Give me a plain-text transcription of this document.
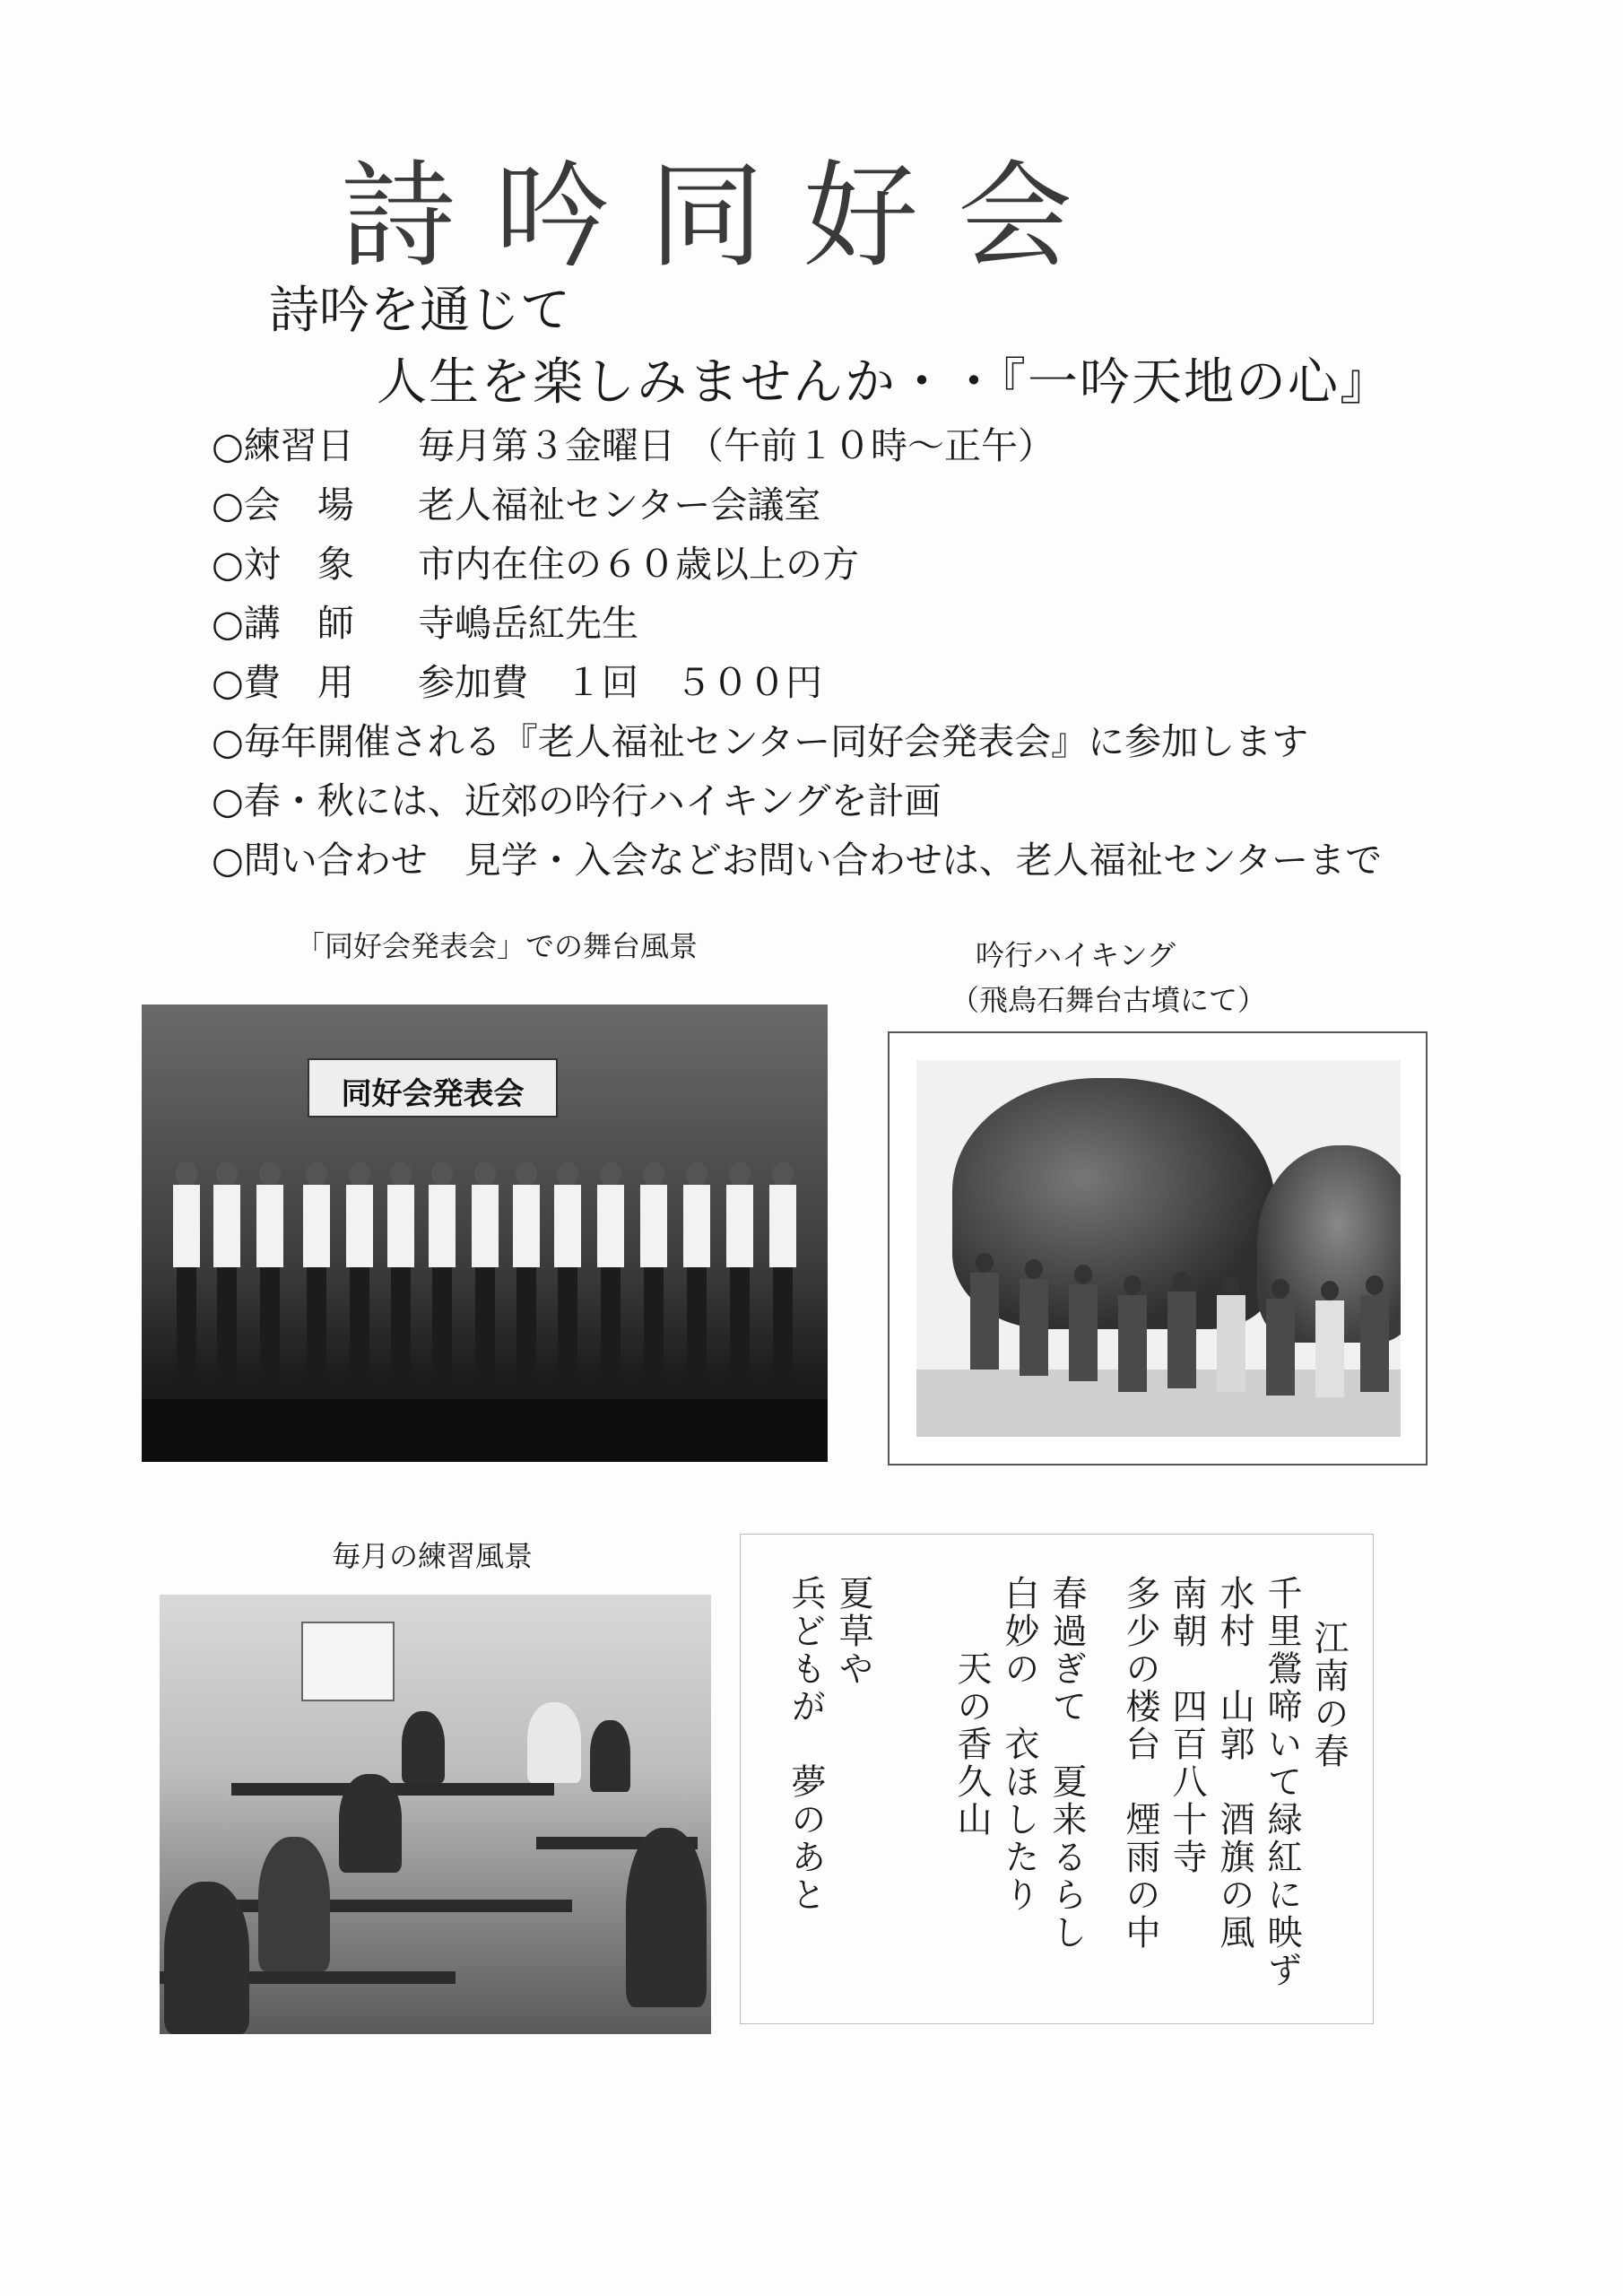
詩吟同好会
詩吟を通じて
人生を楽しみませんか・・『一吟天地の心』
○練習日	毎月第３金曜日 （午前１０時～正午）
○会　場	老人福祉センター会議室
○対　象	市内在住の６０歳以上の方
○講　師	寺嶋岳紅先生
○費　用	参加費　１回　５００円
○毎年開催される『老人福祉センター同好会発表会』に参加します
○春・秋には、近郊の吟行ハイキングを計画
○問い合わせ　見学・入会などお問い合わせは、老人福祉センターまで
「同好会発表会」での舞台風景
同好会発表会
吟行ハイキング
（飛鳥石舞台古墳にて）
毎月の練習風景
江南の春
千里鶯啼いて緑紅に映ず
水村　山郭　酒旗の風
南朝　四百八十寺
多少の楼台　煙雨の中
春過ぎて　夏来るらし
白妙の　衣ほしたり
　　天の香久山
夏草や
兵どもが　夢のあと
